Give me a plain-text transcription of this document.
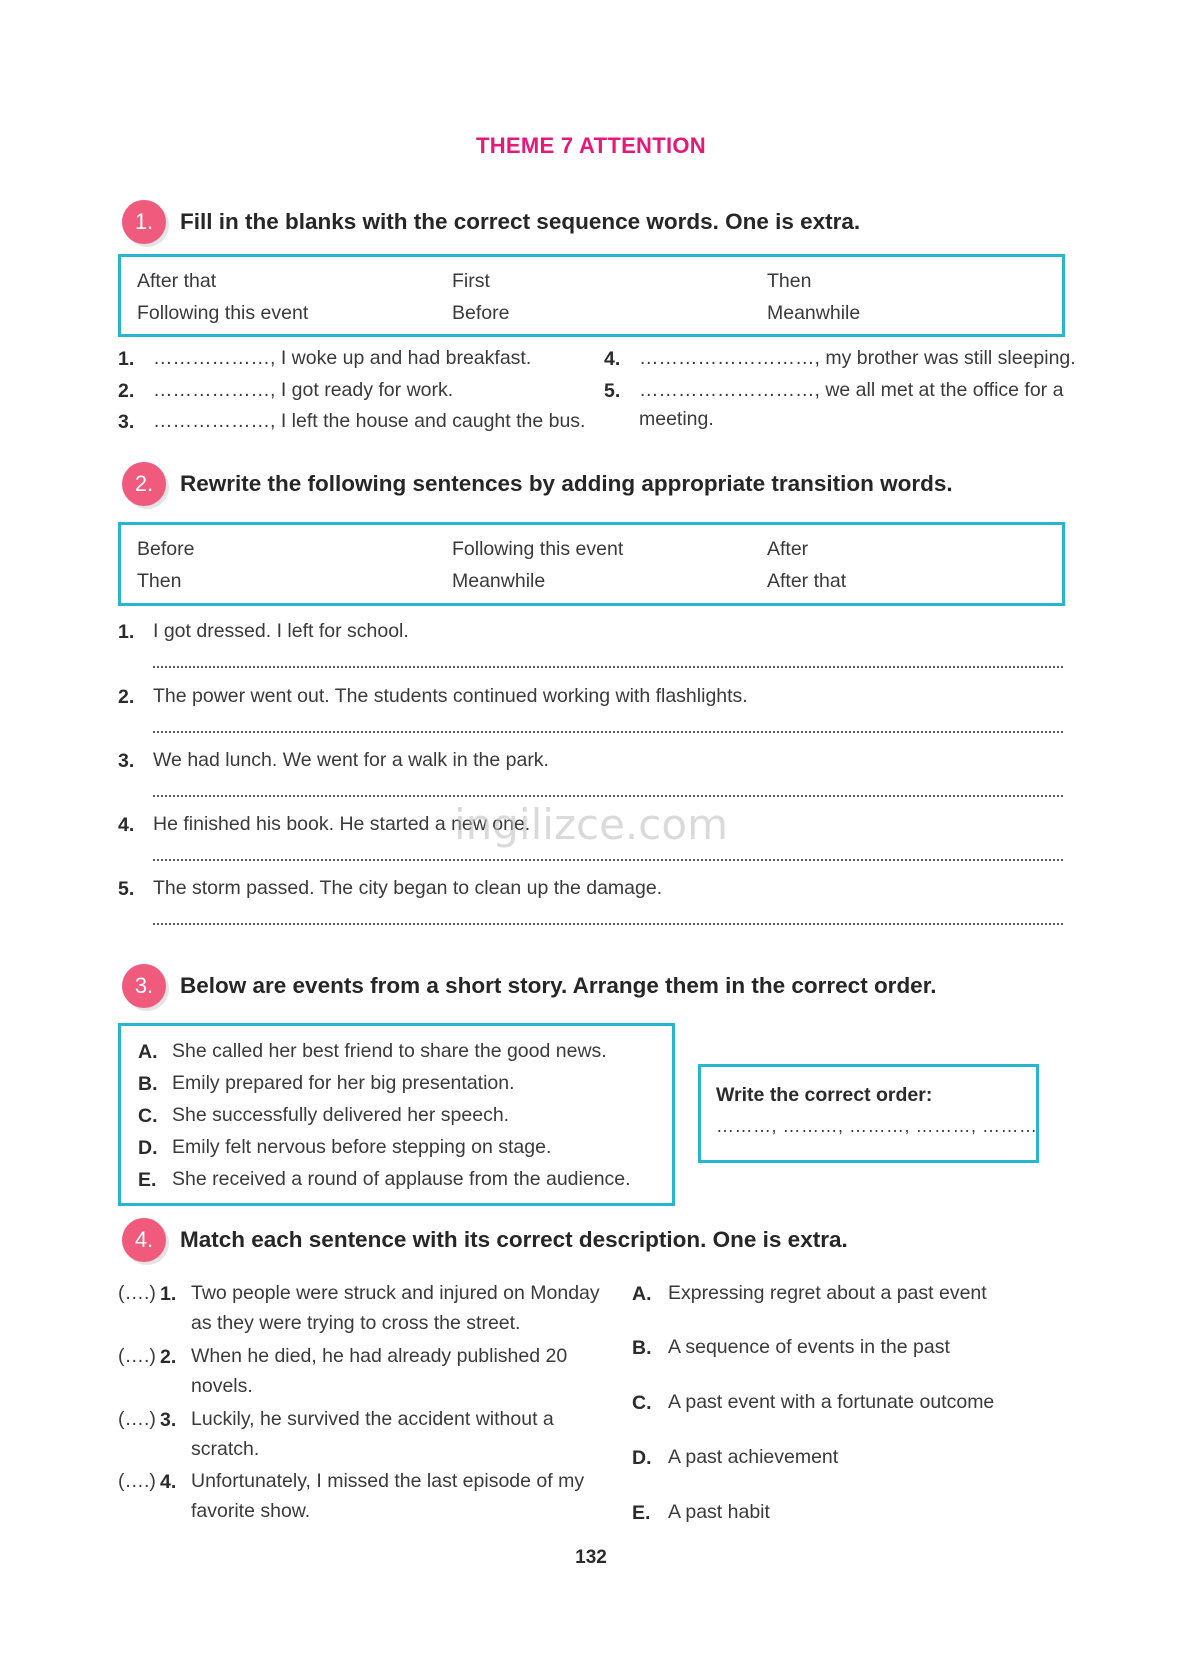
THEME 7 ATTENTION
1.	Fill in the blanks with the correct sequence words. One is extra.
After that	First	Then
Following this event	Before	Meanwhile
1. ………………, I woke up and had breakfast.
2. ………………, I got ready for work.
3. ………………, I left the house and caught the bus.
4. ………………………, my brother was still sleeping.
5. ………………………, we all met at the office for a
meeting.
2.	Rewrite the following sentences by adding appropriate transition words.
Before	Following this event	After
Then	Meanwhile	After that
1. I got dressed. I left for school.
2. The power went out. The students continued working with flashlights.
3. We had lunch. We went for a walk in the park.
4. He finished his book. He started a new one.
5. The storm passed. The city began to clean up the damage.
ingilizce.com
3.	Below are events from a short story. Arrange them in the correct order.
A. She called her best friend to share the good news.
B. Emily prepared for her big presentation.
C. She successfully delivered her speech.
D. Emily felt nervous before stepping on stage.
E. She received a round of applause from the audience.
Write the correct order:
………, ………, ………, ………, ………
4.	Match each sentence with its correct description. One is extra.
(….) 1. Two people were struck and injured on Monday
as they were trying to cross the street.
(….) 2. When he died, he had already published 20
novels.
(….) 3. Luckily, he survived the accident without a
scratch.
(….) 4. Unfortunately, I missed the last episode of my
favorite show.
A. Expressing regret about a past event
B. A sequence of events in the past
C. A past event with a fortunate outcome
D. A past achievement
E. A past habit
132
